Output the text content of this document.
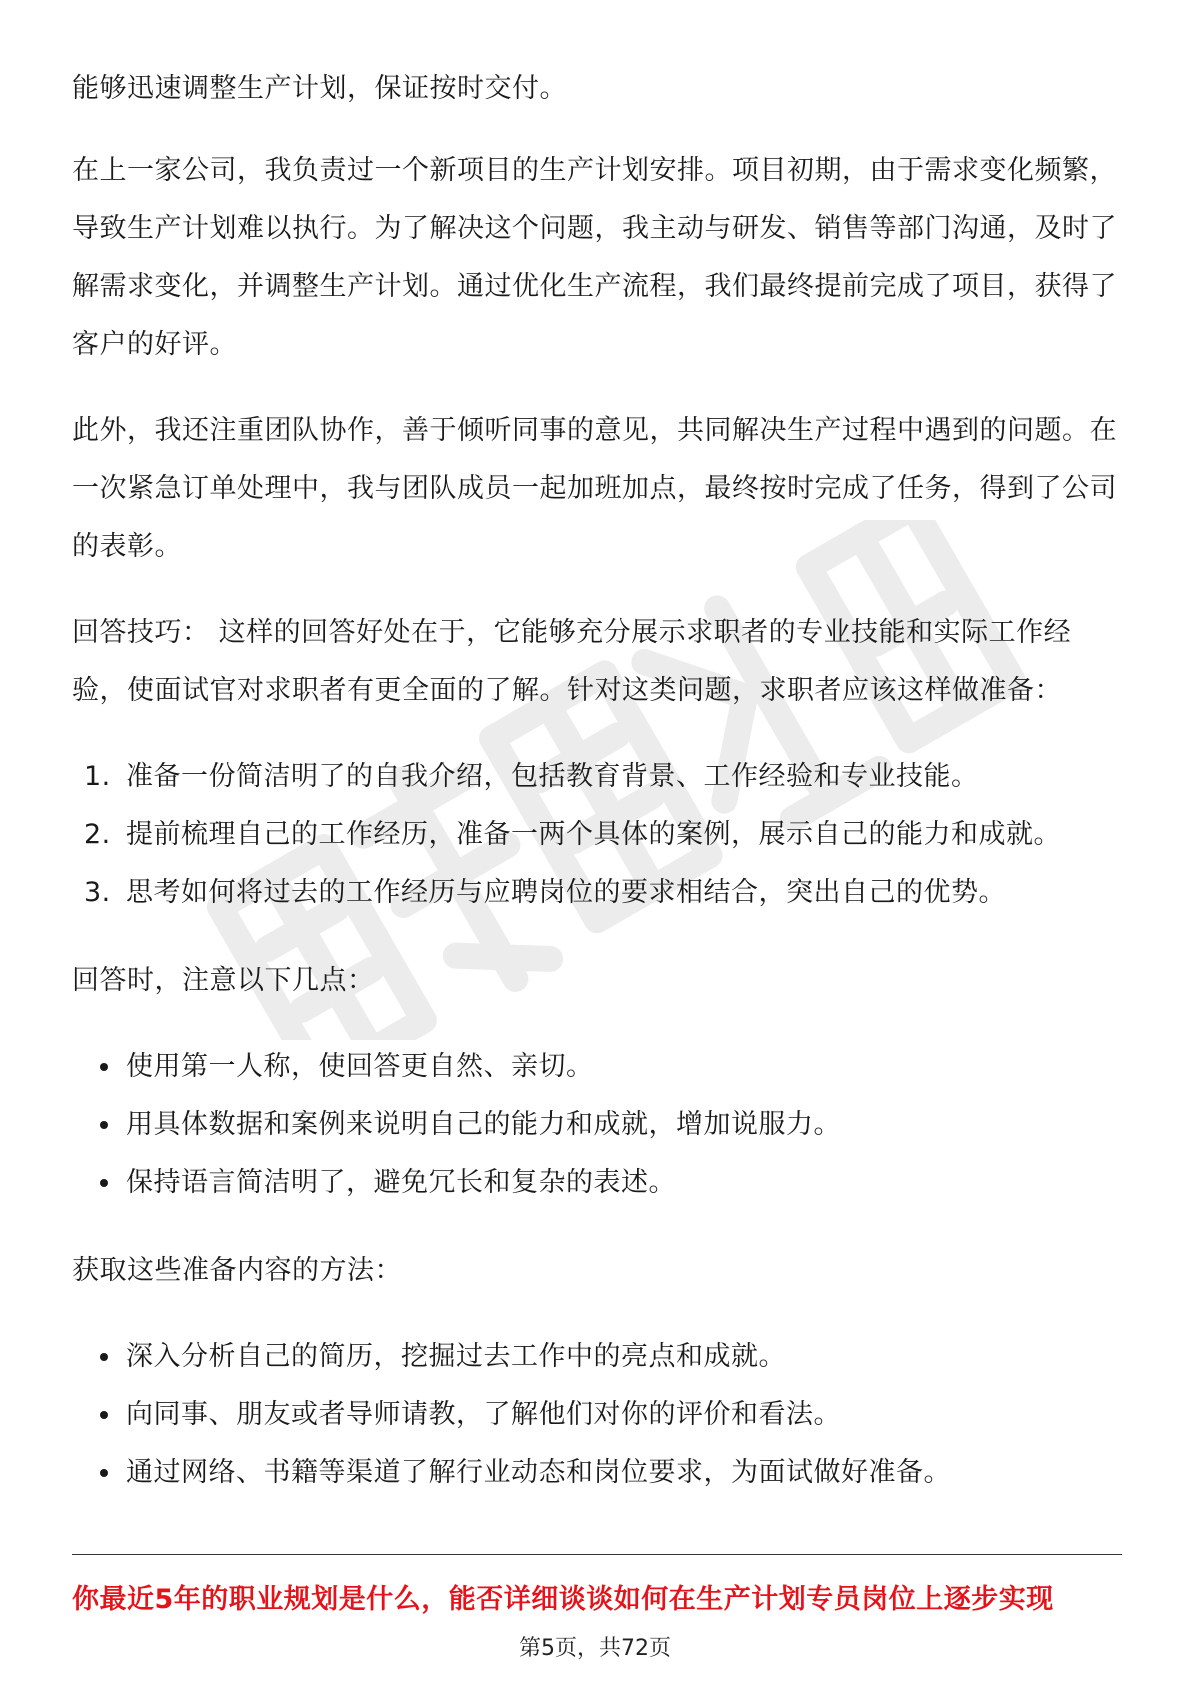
能够迅速调整生产计划，保证按时交付。

在上一家公司，我负责过一个新项目的生产计划安排。项目初期，由于需求变化频繁，导致生产计划难以执行。为了解决这个问题，我主动与研发、销售等部门沟通，及时了解需求变化，并调整生产计划。通过优化生产流程，我们最终提前完成了项目，获得了客户的好评。

此外，我还注重团队协作，善于倾听同事的意见，共同解决生产过程中遇到的问题。在一次紧急订单处理中，我与团队成员一起加班加点，最终按时完成了任务，得到了公司的表彰。

回答技巧： 这样的回答好处在于，它能够充分展示求职者的专业技能和实际工作经验，使面试官对求职者有更全面的了解。针对这类问题，求职者应该这样做准备：

1. 准备一份简洁明了的自我介绍，包括教育背景、工作经验和专业技能。
2. 提前梳理自己的工作经历，准备一两个具体的案例，展示自己的能力和成就。
3. 思考如何将过去的工作经历与应聘岗位的要求相结合，突出自己的优势。

回答时，注意以下几点：

使用第一人称，使回答更自然、亲切。
用具体数据和案例来说明自己的能力和成就，增加说服力。
保持语言简洁明了，避免冗长和复杂的表述。

获取这些准备内容的方法：

深入分析自己的简历，挖掘过去工作中的亮点和成就。
向同事、朋友或者导师请教，了解他们对你的评价和看法。
通过网络、书籍等渠道了解行业动态和岗位要求，为面试做好准备。
你最近5年的职业规划是什么，能否详细谈谈如何在生产计划专员岗位上逐步实现
第5页，共72页
